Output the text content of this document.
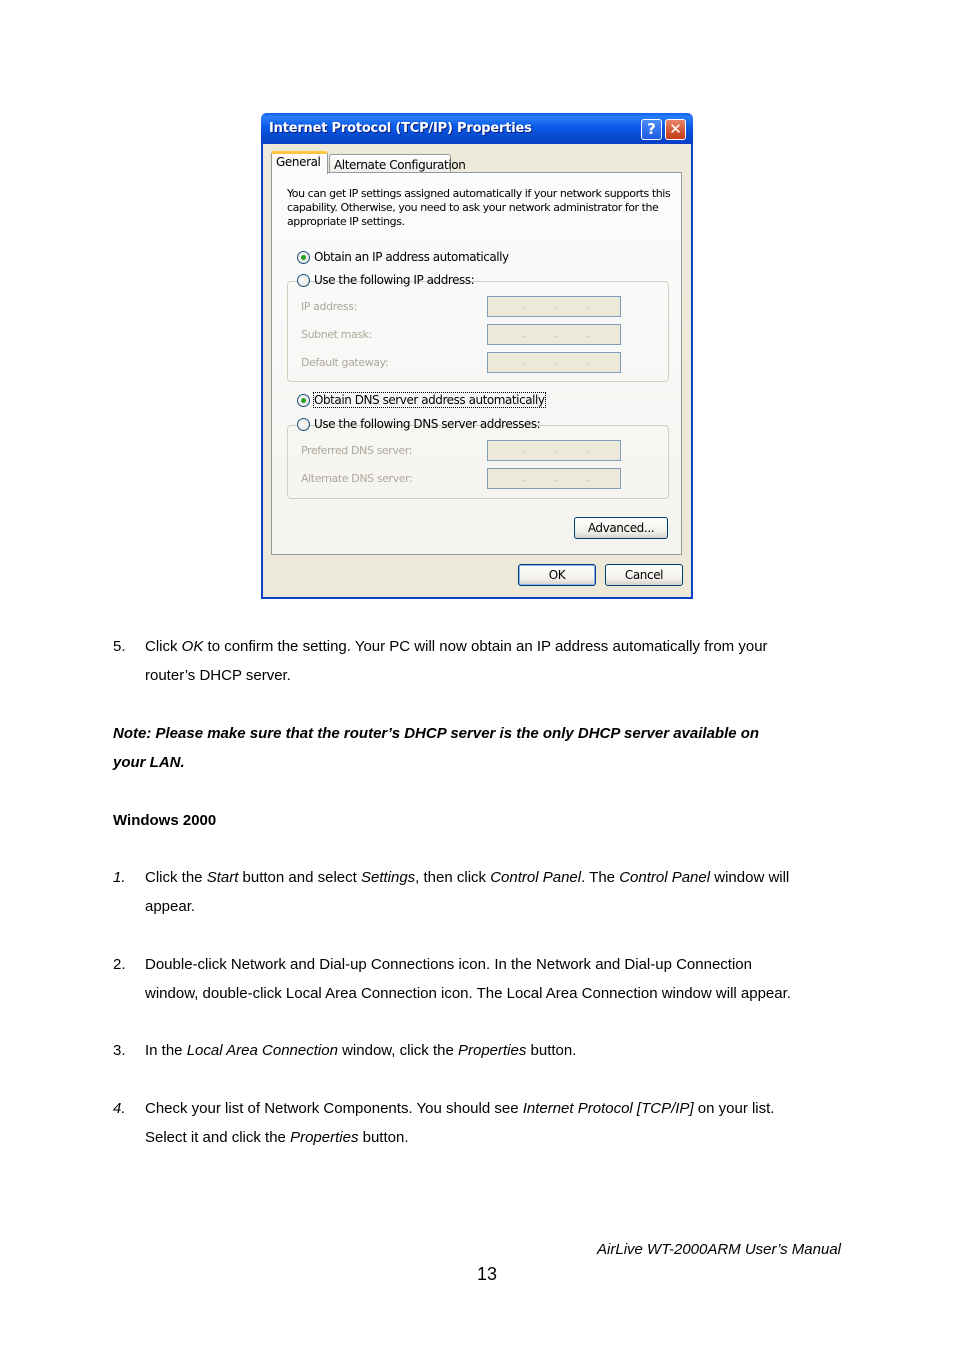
Internet Protocol (TCP/IP) Properties	? ✕
General	Alternate Configuration
You can get IP settings assigned automatically if your network supports this capability. Otherwise, you need to ask your network administrator for the appropriate IP settings.
Obtain an IP address automatically
Use the following IP address:
IP address:	.	.	.
Subnet mask:	.	.	.
Default gateway:	.	.	.
Obtain DNS server address automatically
Use the following DNS server addresses:
Preferred DNS server:	.	.	.
Alternate DNS server:	.	.	.
Advanced...
OK	Cancel
5. Click OK to confirm the setting. Your PC will now obtain an IP address automatically from your
router’s DHCP server.
Note: Please make sure that the router’s DHCP server is the only DHCP server available on
your LAN.
Windows 2000
1. Click the Start button and select Settings, then click Control Panel. The Control Panel window will
appear.
2. Double-click Network and Dial-up Connections icon. In the Network and Dial-up Connection
window, double-click Local Area Connection icon. The Local Area Connection window will appear.
3. In the Local Area Connection window, click the Properties button.
4. Check your list of Network Components. You should see Internet Protocol [TCP/IP] on your list.
Select it and click the Properties button.
AirLive WT-2000ARM User’s Manual
13
